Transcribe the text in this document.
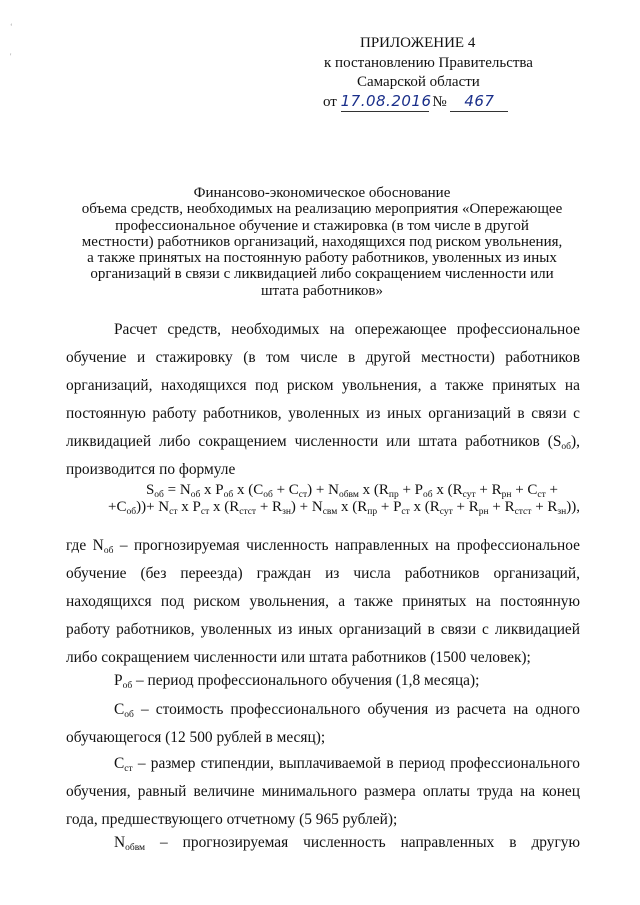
‘
'
ПРИЛОЖЕНИЕ 4
к постановлению Правительства
Самарской области
от 17.08.2016 № 467
Финансово-экономическое обоснование
объема средств, необходимых на реализацию мероприятия «Опережающее
профессиональное обучение и стажировка (в том числе в другой
местности) работников организаций, находящихся под риском увольнения,
а также принятых на постоянную работу работников, уволенных из иных
организаций в связи с ликвидацией либо сокращением численности или
штата работников»
Расчет средств, необходимых на опережающее профессиональное
обучение и стажировку (в том числе в другой местности) работников
организаций, находящихся под риском увольнения, а также принятых на
постоянную работу работников, уволенных из иных организаций в связи с
ликвидацией либо сокращением численности или штата работников $(S_{об})$,
производится по формуле
$S_{об} = N_{об}$ x $Р_{об}$ x $(С_{об} + С_{ст}) + N_{обвм}$ x ($R_{пр} + Р_{об}$ x ($R_{сут} + R_{рн} + С_{ст}$ +
$+С_{об}))+ N_{ст}$ x $Р_{ст}$ x $(R_{стст} + R_{зн}) + N_{свм}$ x ($R_{пр} + Р_{ст}$ x $(R_{сут} + R_{рн} + R_{стст} + R_{зн})$),
где $N_{об}$ – прогнозируемая численность направленных на профессиональное
обучение (без переезда) граждан из числа работников организаций,
находящихся под риском увольнения, а также принятых на постоянную
работу работников, уволенных из иных организаций в связи с ликвидацией
либо сокращением численности или штата работников (1500 человек);
$Р_{об}$ – период профессионального обучения (1,8 месяца);
$С_{об}$ – стоимость профессионального обучения из расчета на одного
обучающегося (12 500 рублей в месяц);
$С_{ст}$ – размер стипендии, выплачиваемой в период профессионального
обучения, равный величине минимального размера оплаты труда на конец
года, предшествующего отчетному (5 965 рублей);
$N_{обвм}$ – прогнозируемая численность направленных в другую
